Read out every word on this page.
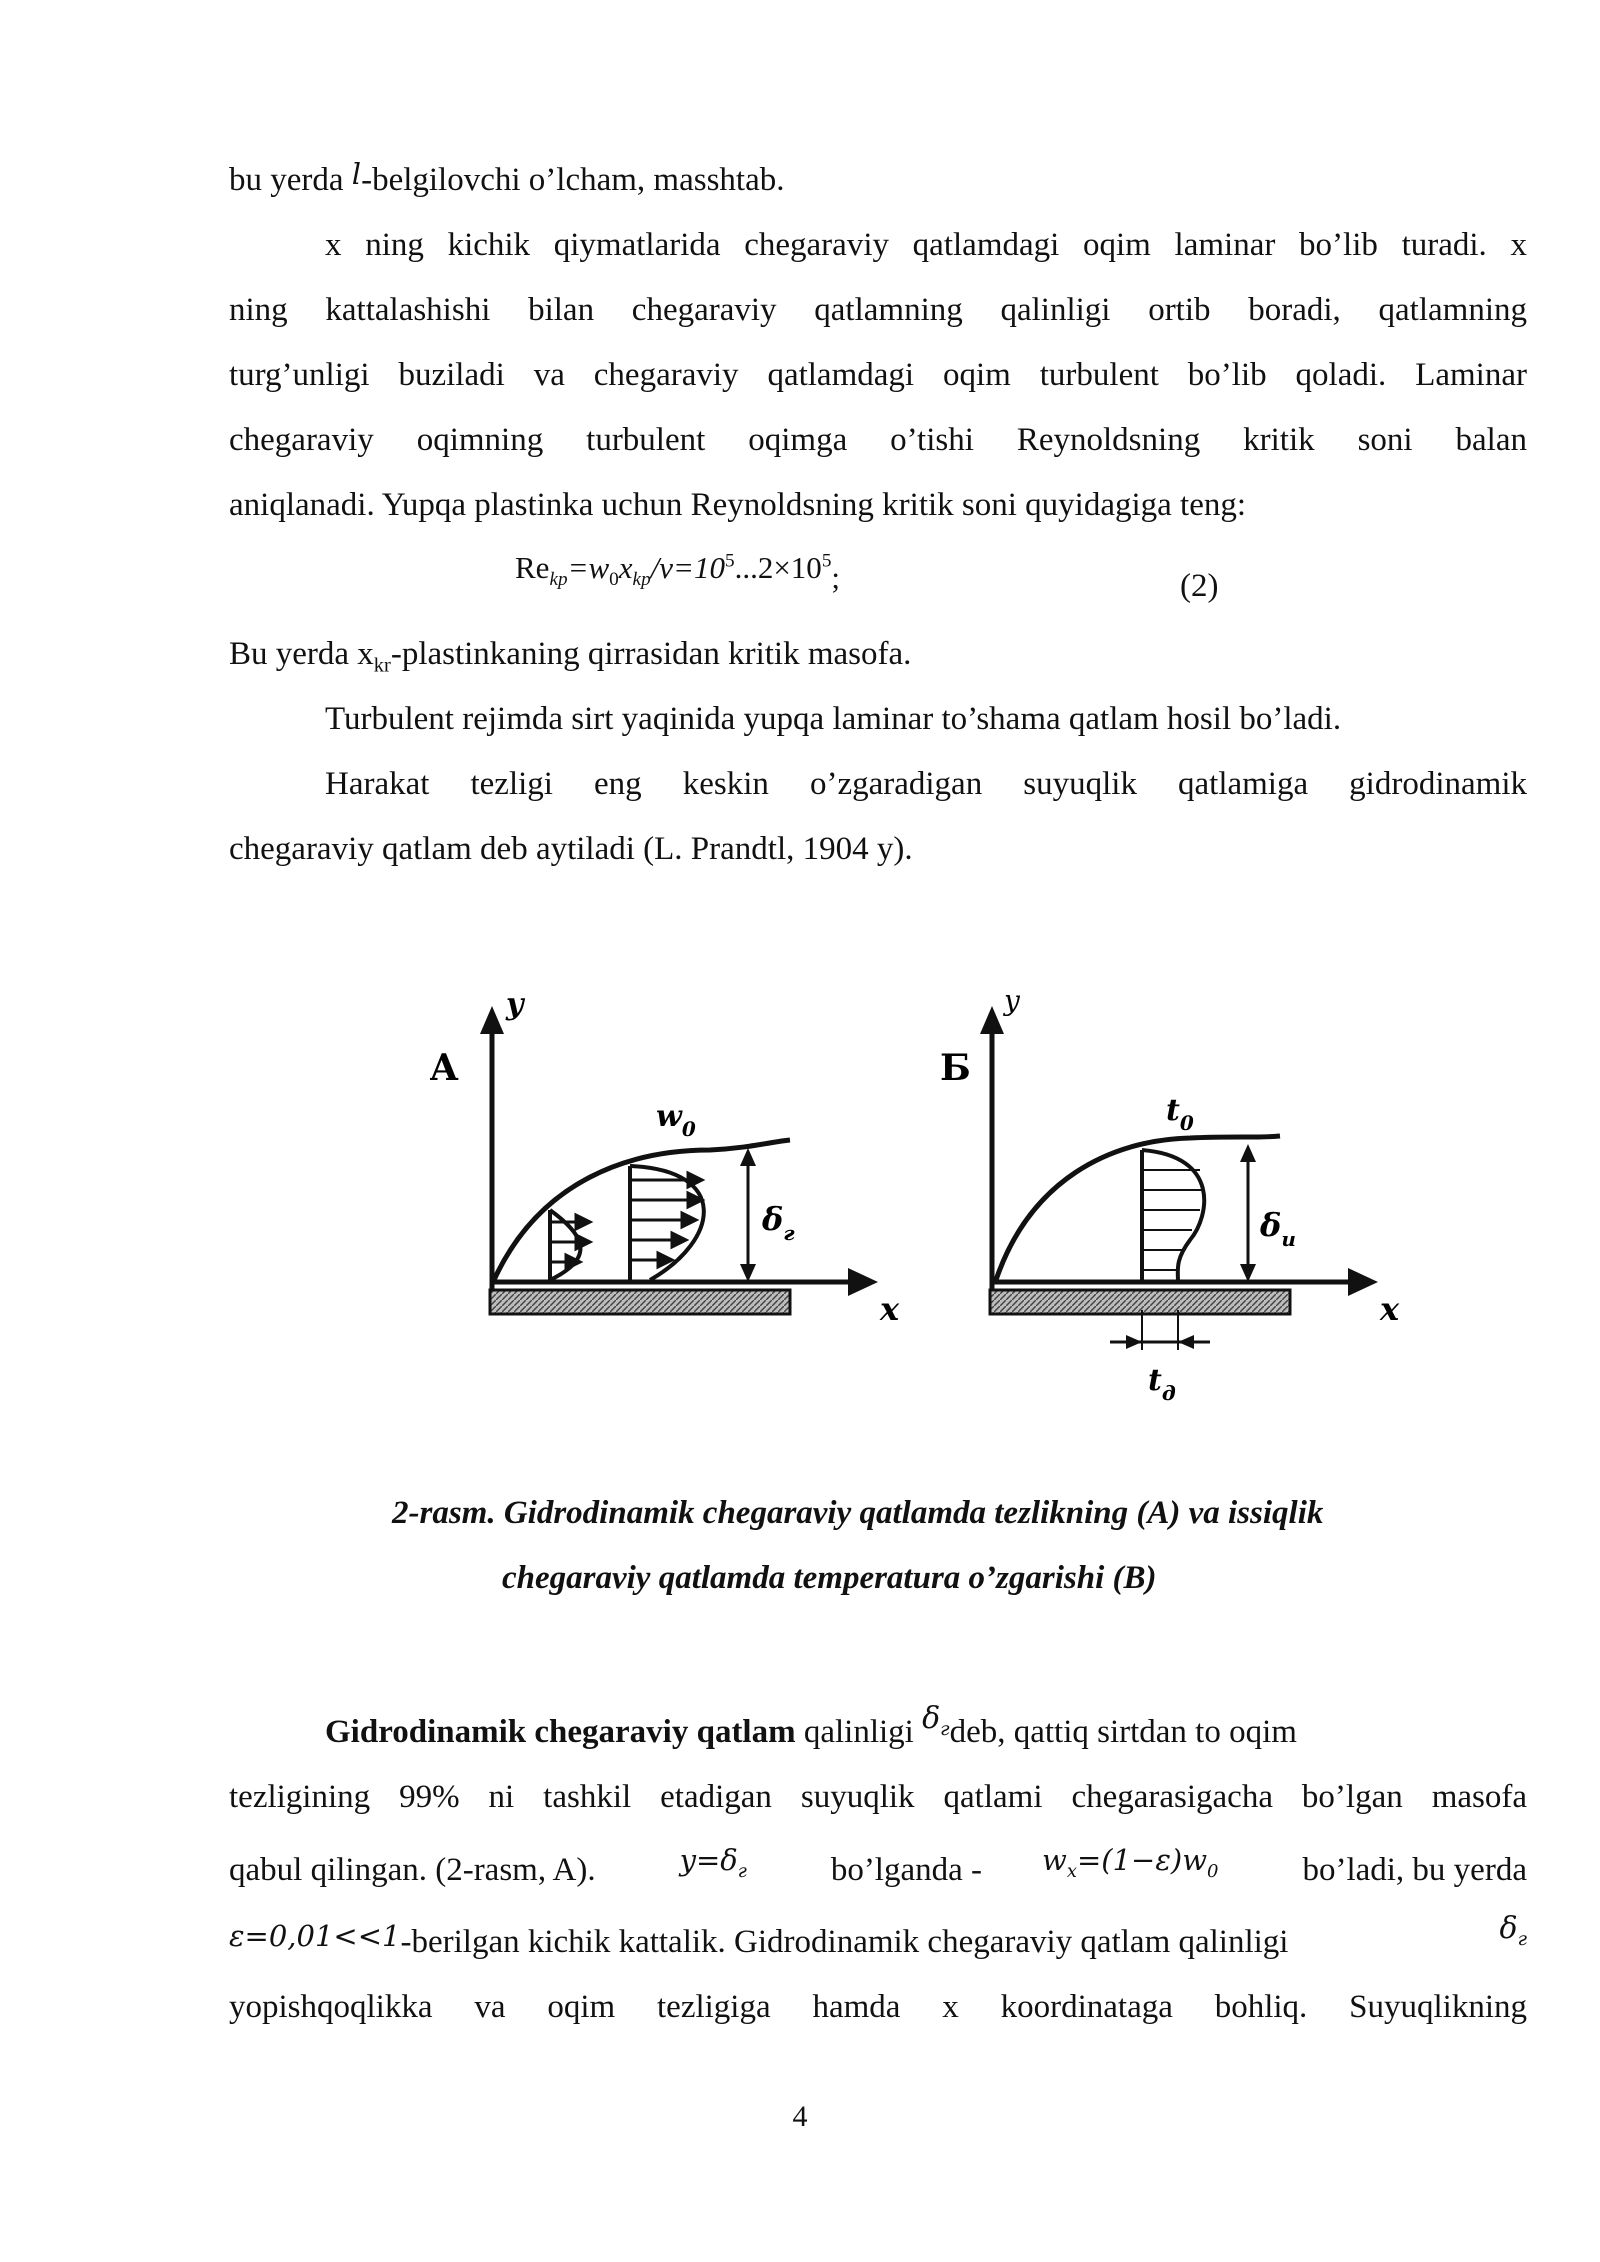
bu yerda l-belgilovchi o’lcham, masshtab.
x ning kichik qiymatlarida chegaraviy qatlamdagi oqim laminar bo’lib turadi. x
ning kattalashishi bilan chegaraviy qatlamning qalinligi ortib boradi, qatlamning
turg’unligi buziladi va chegaraviy qatlamdagi oqim turbulent bo’lib qoladi. Laminar
chegaraviy oqimning turbulent oqimga o’tishi Reynoldsning kritik soni balan
aniqlanadi. Yupqa plastinka uchun Reynoldsning kritik soni quyidagiga teng:
$Re_{kp}=w_0x_{kp}/v=10^5...2\times 10^5$;	(2)
Bu yerda $x_{kr}$-plastinkaning qirrasidan kritik masofa.
Turbulent rejimda sirt yaqinida yupqa laminar to’shama qatlam hosil bo’ladi.
Harakat tezligi eng keskin o’zgaradigan suyuqlik qatlamiga gidrodinamik
chegaraviy qatlam deb aytiladi (L. Prandtl, 1904 y).
A
y
x
$w_0$
$\delta_г$
Б
y
x
$t_0$
$\delta_u$
$t_д$
2-rasm. Gidrodinamik chegaraviy qatlamda tezlikning (A) va issiqlik
chegaraviy qatlamda temperatura o’zgarishi (B)
Gidrodinamik chegaraviy qatlam qalinligi $\delta_гdeb$, qattiq sirtdan to oqim
tezligining 99% ni tashkil etadigan suyuqlik qatlami chegarasigacha bo’lgan masofa
qabul qilingan. (2-rasm, A).	$y=\delta_г$	bo’lganda - $w_x=(1-\varepsilon)w_0$	bo’ladi, bu yerda
ε=0,01<<1-berilgan kichik kattalik. Gidrodinamik chegaraviy qatlam qalinligi	$\delta_г$
yopishqoqlikka va oqim tezligiga hamda x koordinataga bohliq. Suyuqlikning
4
